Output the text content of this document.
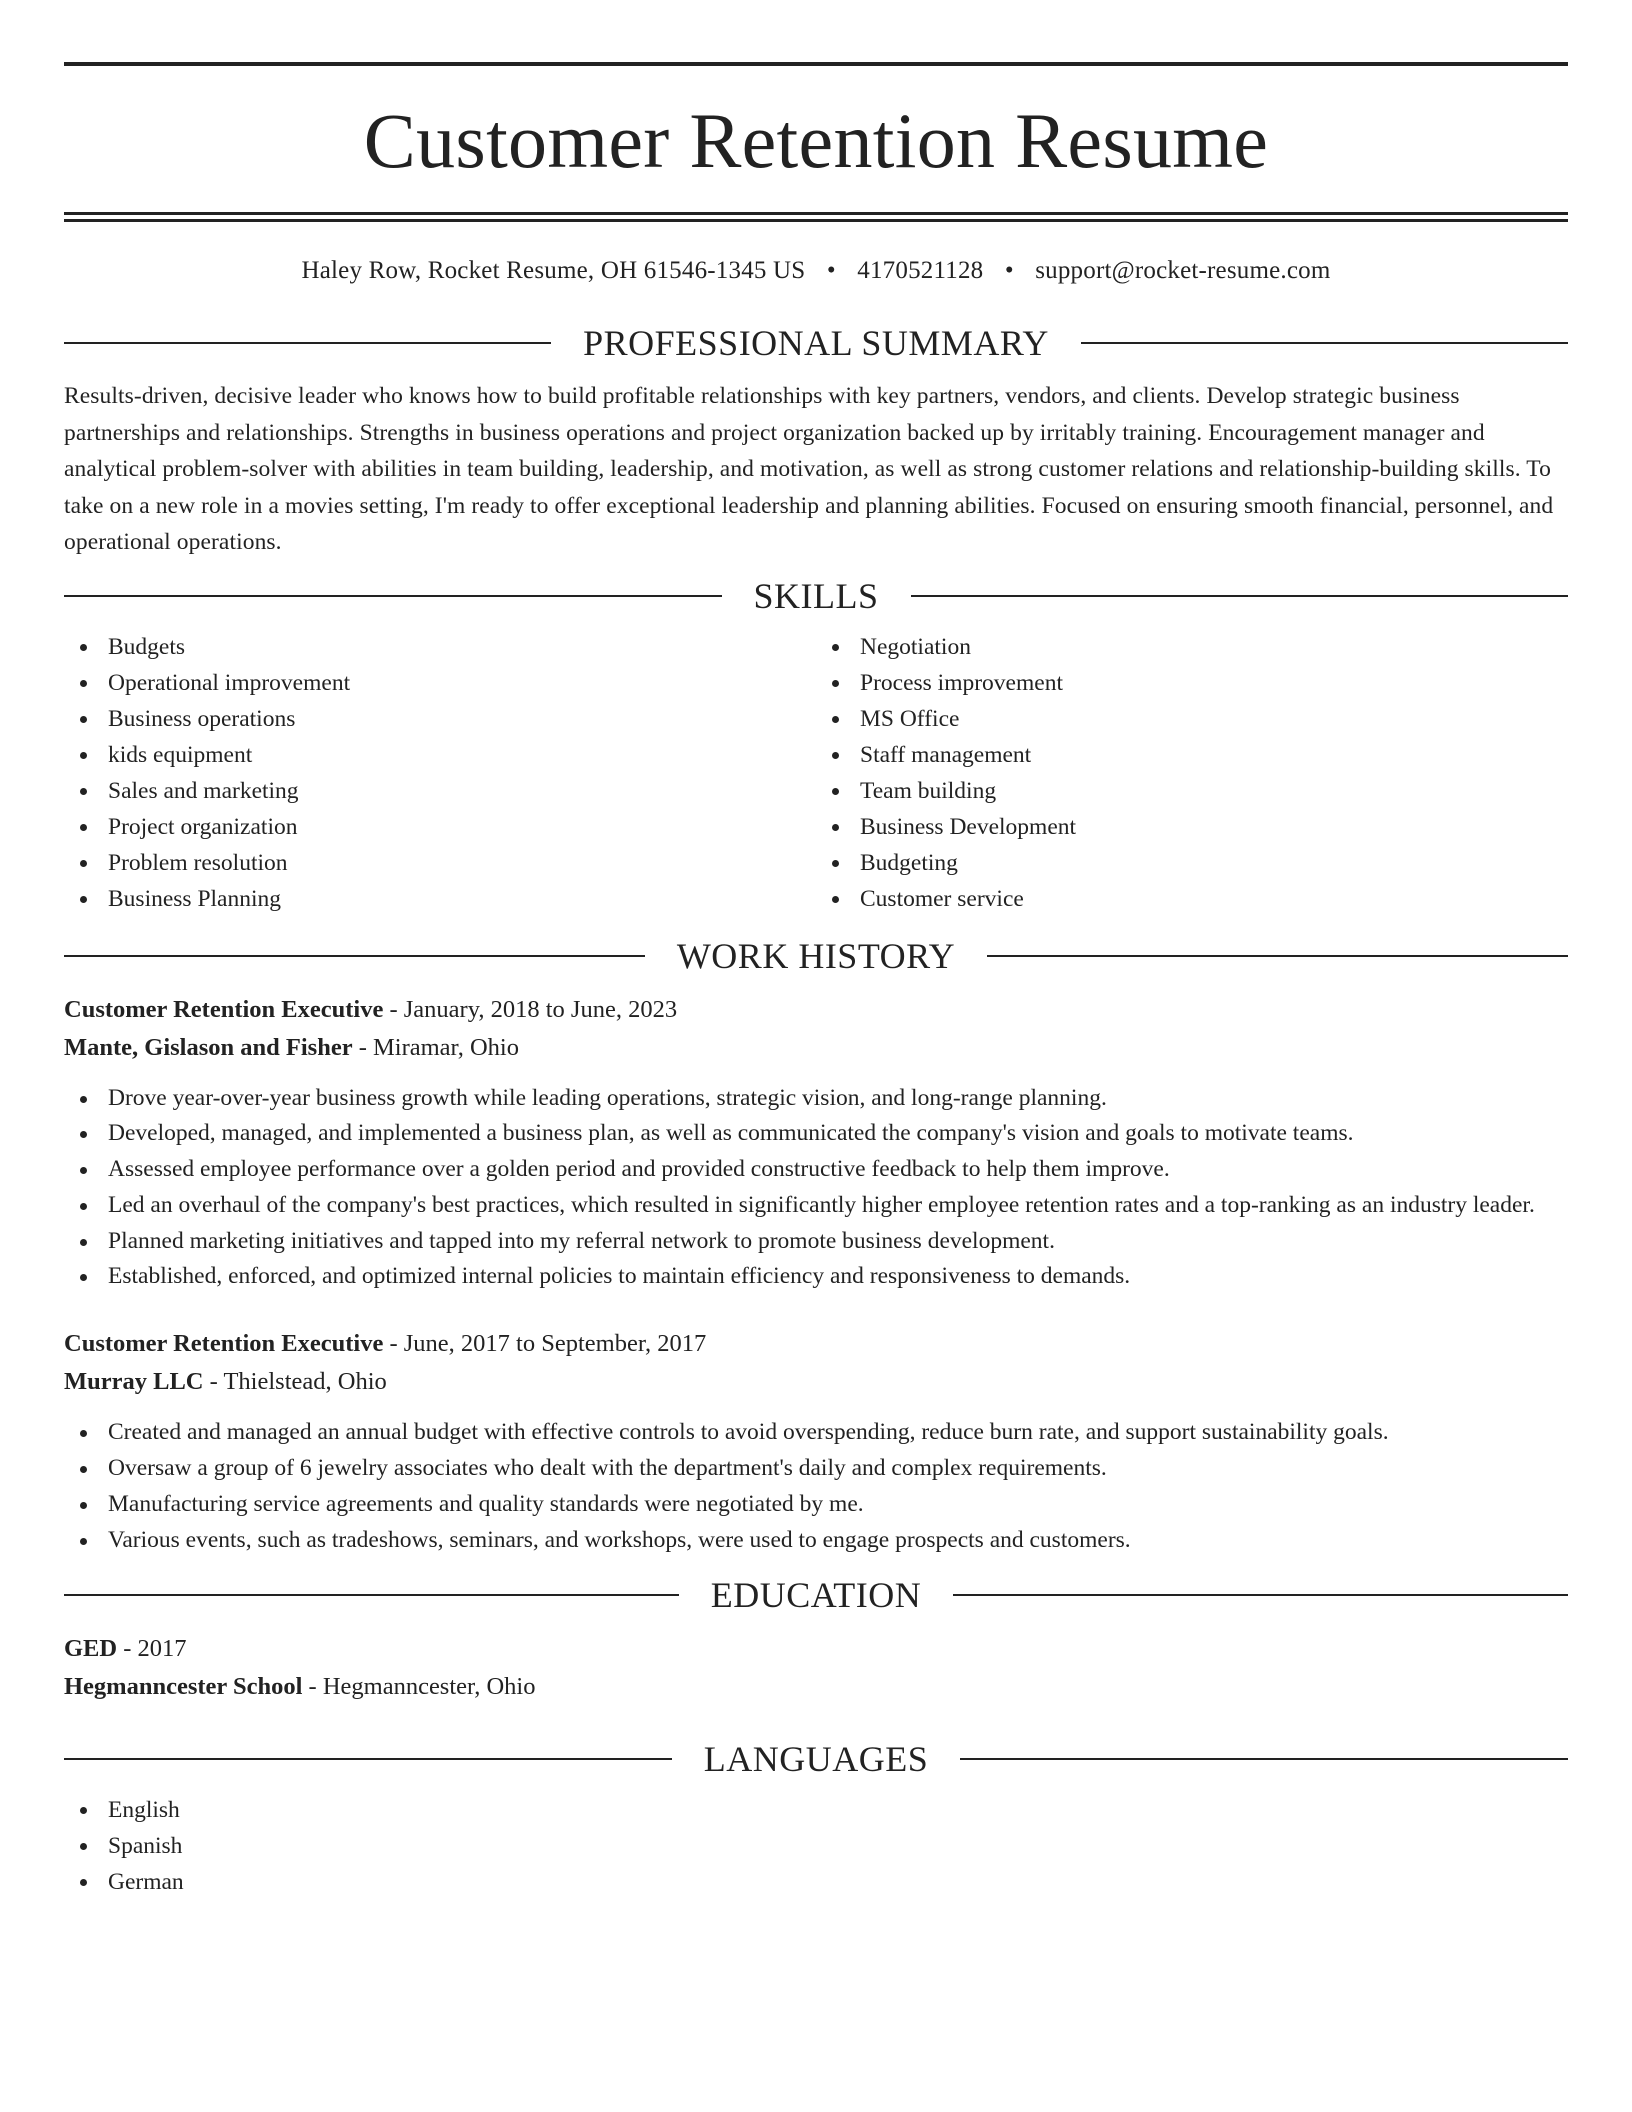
Customer Retention Resume
Haley Row, Rocket Resume, OH 61546-1345 US • 4170521128 • support@rocket-resume.com
PROFESSIONAL SUMMARY

Results-driven, decisive leader who knows how to build profitable relationships with key partners, vendors, and clients. Develop strategic business partnerships and relationships. Strengths in business operations and project organization backed up by irritably training. Encouragement manager and analytical problem-solver with abilities in team building, leadership, and motivation, as well as strong customer relations and relationship-building skills. To take on a new role in a movies setting, I'm ready to offer exceptional leadership and planning abilities. Focused on ensuring smooth financial, personnel, and operational operations.

SKILLS
Budgets
Operational improvement
Business operations
kids equipment
Sales and marketing
Project organization
Problem resolution
Business Planning
Negotiation
Process improvement
MS Office
Staff management
Team building
Business Development
Budgeting
Customer service
WORK HISTORY
Customer Retention Executive - January, 2018 to June, 2023
Mante, Gislason and Fisher - Miramar, Ohio
Drove year-over-year business growth while leading operations, strategic vision, and long-range planning.
Developed, managed, and implemented a business plan, as well as communicated the company's vision and goals to motivate teams.
Assessed employee performance over a golden period and provided constructive feedback to help them improve.
Led an overhaul of the company's best practices, which resulted in significantly higher employee retention rates and a top-ranking as an industry leader.
Planned marketing initiatives and tapped into my referral network to promote business development.
Established, enforced, and optimized internal policies to maintain efficiency and responsiveness to demands.
Customer Retention Executive - June, 2017 to September, 2017
Murray LLC - Thielstead, Ohio
Created and managed an annual budget with effective controls to avoid overspending, reduce burn rate, and support sustainability goals.
Oversaw a group of 6 jewelry associates who dealt with the department's daily and complex requirements.
Manufacturing service agreements and quality standards were negotiated by me.
Various events, such as tradeshows, seminars, and workshops, were used to engage prospects and customers.
EDUCATION
GED - 2017
Hegmanncester School - Hegmanncester, Ohio
LANGUAGES
English
Spanish
German
